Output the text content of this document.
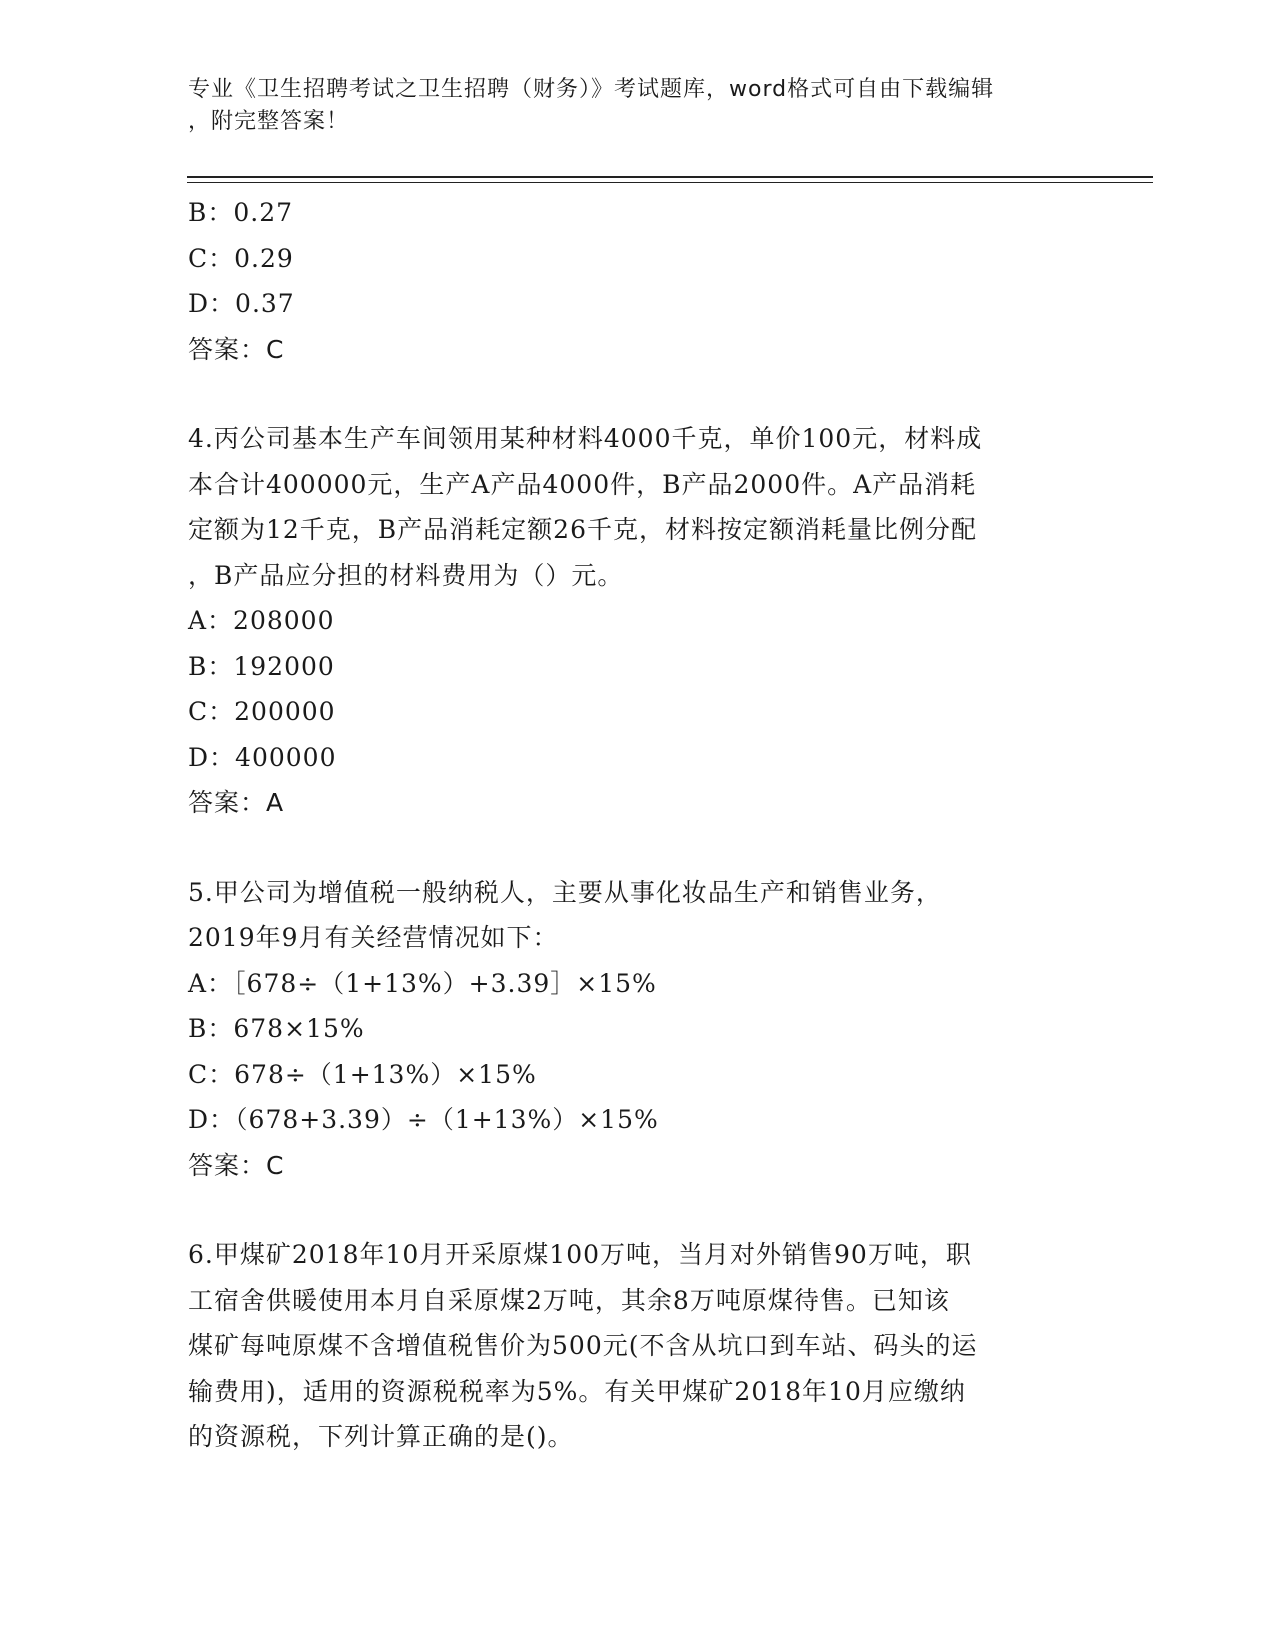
专业《卫生招聘考试之卫生招聘（财务）》考试题库，word格式可自由下载编辑
，附完整答案！
B：0.27
C：0.29
D：0.37
答案：C
4.丙公司基本生产车间领用某种材料4000千克，单价100元，材料成
本合计400000元，生产A产品4000件，B产品2000件。A产品消耗
定额为12千克，B产品消耗定额26千克，材料按定额消耗量比例分配
，B产品应分担的材料费用为（）元。
A：208000
B：192000
C：200000
D：400000
答案：A
5.甲公司为增值税一般纳税人，主要从事化妆品生产和销售业务，
2019年9月有关经营情况如下：
A：［678÷（1+13%）+3.39］×15%
B：678×15%
C：678÷（1+13%）×15%
D：（678+3.39）÷（1+13%）×15%
答案：C
6.甲煤矿2018年10月开采原煤100万吨，当月对外销售90万吨，职
工宿舍供暖使用本月自采原煤2万吨，其余8万吨原煤待售。已知该
煤矿每吨原煤不含增值税售价为500元(不含从坑口到车站、码头的运
输费用)，适用的资源税税率为5%。有关甲煤矿2018年10月应缴纳
的资源税，下列计算正确的是()。
